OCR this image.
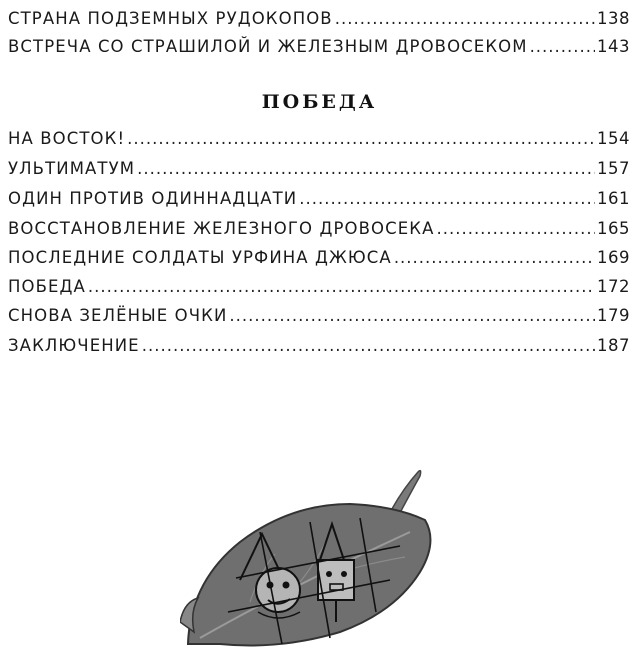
СТРАНА ПОДЗЕМНЫХ РУДОКОПОВ .....	138
ВСТРЕЧА СО СТРАШИЛОЙ И ЖЕЛЕЗНЫМ ДРОВОСЕКОМ .....	143
ПОБЕДА
НА ВОСТОК! .....	154
УЛЬТИМАТУМ .....	157
ОДИН ПРОТИВ ОДИННАДЦАТИ .....	161
ВОССТАНОВЛЕНИЕ ЖЕЛЕЗНОГО ДРОВОСЕКА .....	165
ПОСЛЕДНИЕ СОЛДАТЫ УРФИНА ДЖЮСА .....	169
ПОБЕДА .....	172
СНОВА ЗЕЛЁНЫЕ ОЧКИ .....	179
ЗАКЛЮЧЕНИЕ .....	187
